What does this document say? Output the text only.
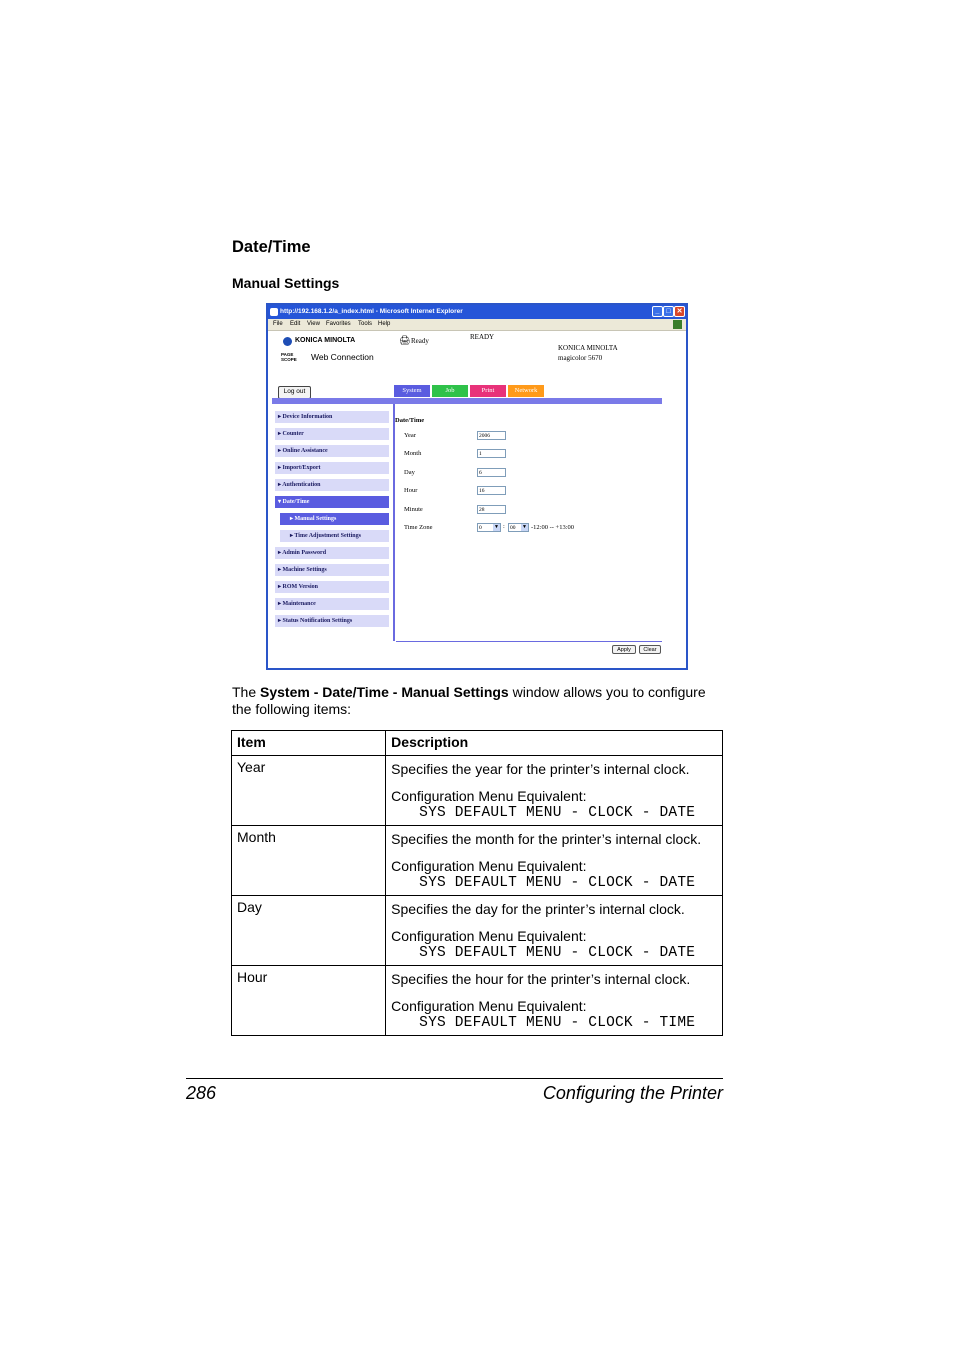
Date/Time
Manual Settings
http://192.168.1.2/a_index.html - Microsoft Internet Explorer	_ □ ✕
File Edit View Favorites Tools Help
KONICA MINOLTA
PAGE SCOPE Web Connection
🖨 Ready	READY
KONICA MINOLTA
magicolor 5670
Log out	System	Job	Print	Network
▸ Device Information
▸ Counter
▸ Online Assistance
▸ Import/Export
▸ Authentication
▾ Date/Time
▸ Manual Settings
▸ Time Adjustment Settings
▸ Admin Password
▸ Machine Settings
▸ ROM Version
▸ Maintenance
▸ Status Notification Settings
Date/Time
Year	2006
Month	1
Day	6
Hour	16
Minute	28
Time Zone	0 ▼ : 00 ▼ -12:00 -- +13:00
Apply	Clear
The System - Date/Time - Manual Settings window allows you to configure the following items:
Item	Description

Year	Specifies the year for the printer’s internal clock.
Configuration Menu Equivalent:
SYS DEFAULT MENU - CLOCK - DATE

Month	Specifies the month for the printer’s internal clock.
Configuration Menu Equivalent:
SYS DEFAULT MENU - CLOCK - DATE

Day	Specifies the day for the printer’s internal clock.
Configuration Menu Equivalent:
SYS DEFAULT MENU - CLOCK - DATE

Hour	Specifies the hour for the printer’s internal clock.
Configuration Menu Equivalent:
SYS DEFAULT MENU - CLOCK - TIME
286	Configuring the Printer
